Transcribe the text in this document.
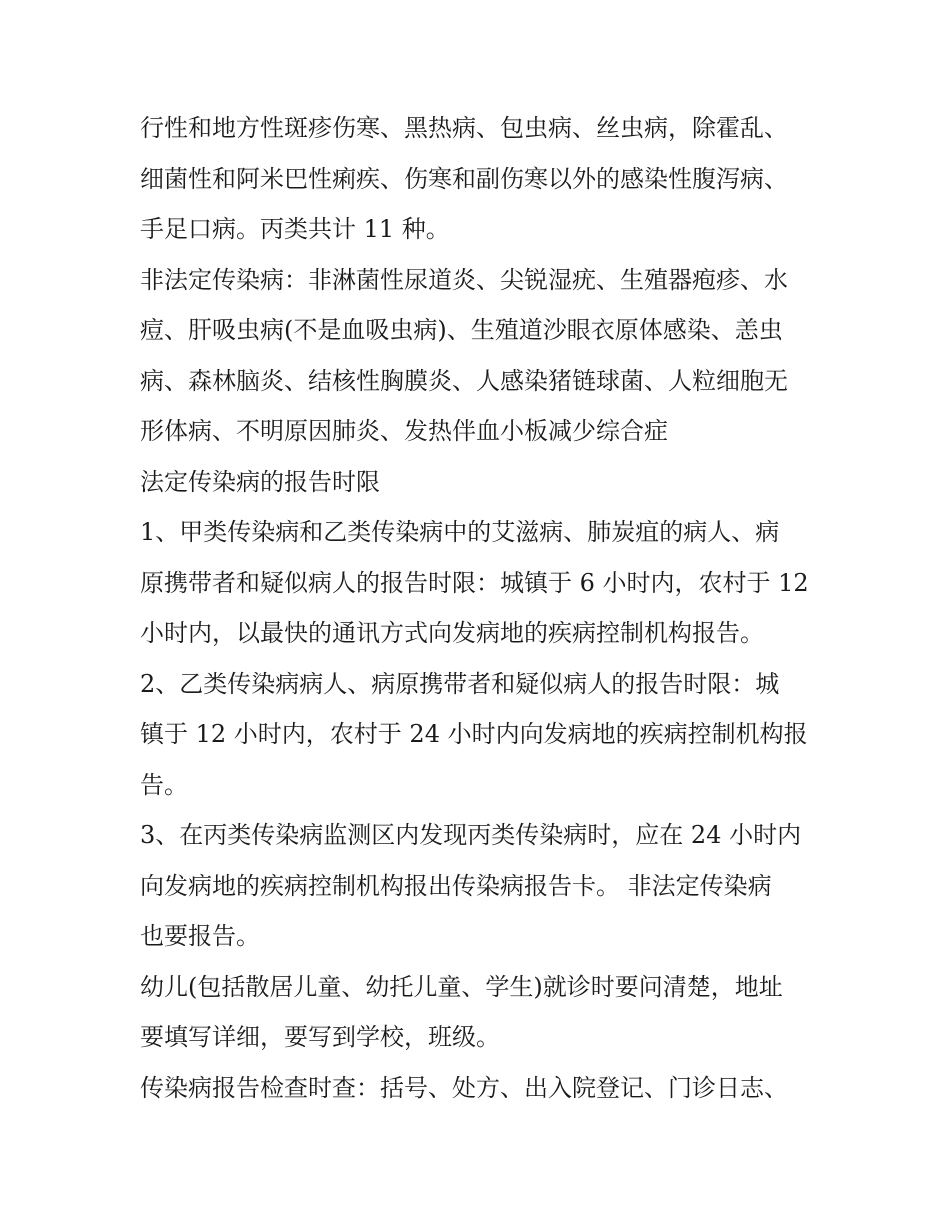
行性和地方性斑疹伤寒、黑热病、包虫病、丝虫病，除霍乱、
细菌性和阿米巴性痢疾、伤寒和副伤寒以外的感染性腹泻病、
手足口病。丙类共计 11 种。
非法定传染病：非淋菌性尿道炎、尖锐湿疣、生殖器疱疹、水
痘、肝吸虫病(不是血吸虫病)、生殖道沙眼衣原体感染、恙虫
病、森林脑炎、结核性胸膜炎、人感染猪链球菌、人粒细胞无
形体病、不明原因肺炎、发热伴血小板减少综合症
法定传染病的报告时限
1、甲类传染病和乙类传染病中的艾滋病、肺炭疽的病人、病
原携带者和疑似病人的报告时限：城镇于 6 小时内，农村于 12
小时内，以最快的通讯方式向发病地的疾病控制机构报告。
2、乙类传染病病人、病原携带者和疑似病人的报告时限：城
镇于 12 小时内，农村于 24 小时内向发病地的疾病控制机构报
告。
3、在丙类传染病监测区内发现丙类传染病时，应在 24 小时内
向发病地的疾病控制机构报出传染病报告卡。 非法定传染病
也要报告。
幼儿(包括散居儿童、幼托儿童、学生)就诊时要问清楚，地址
要填写详细，要写到学校，班级。
传染病报告检查时查：括号、处方、出入院登记、门诊日志、
